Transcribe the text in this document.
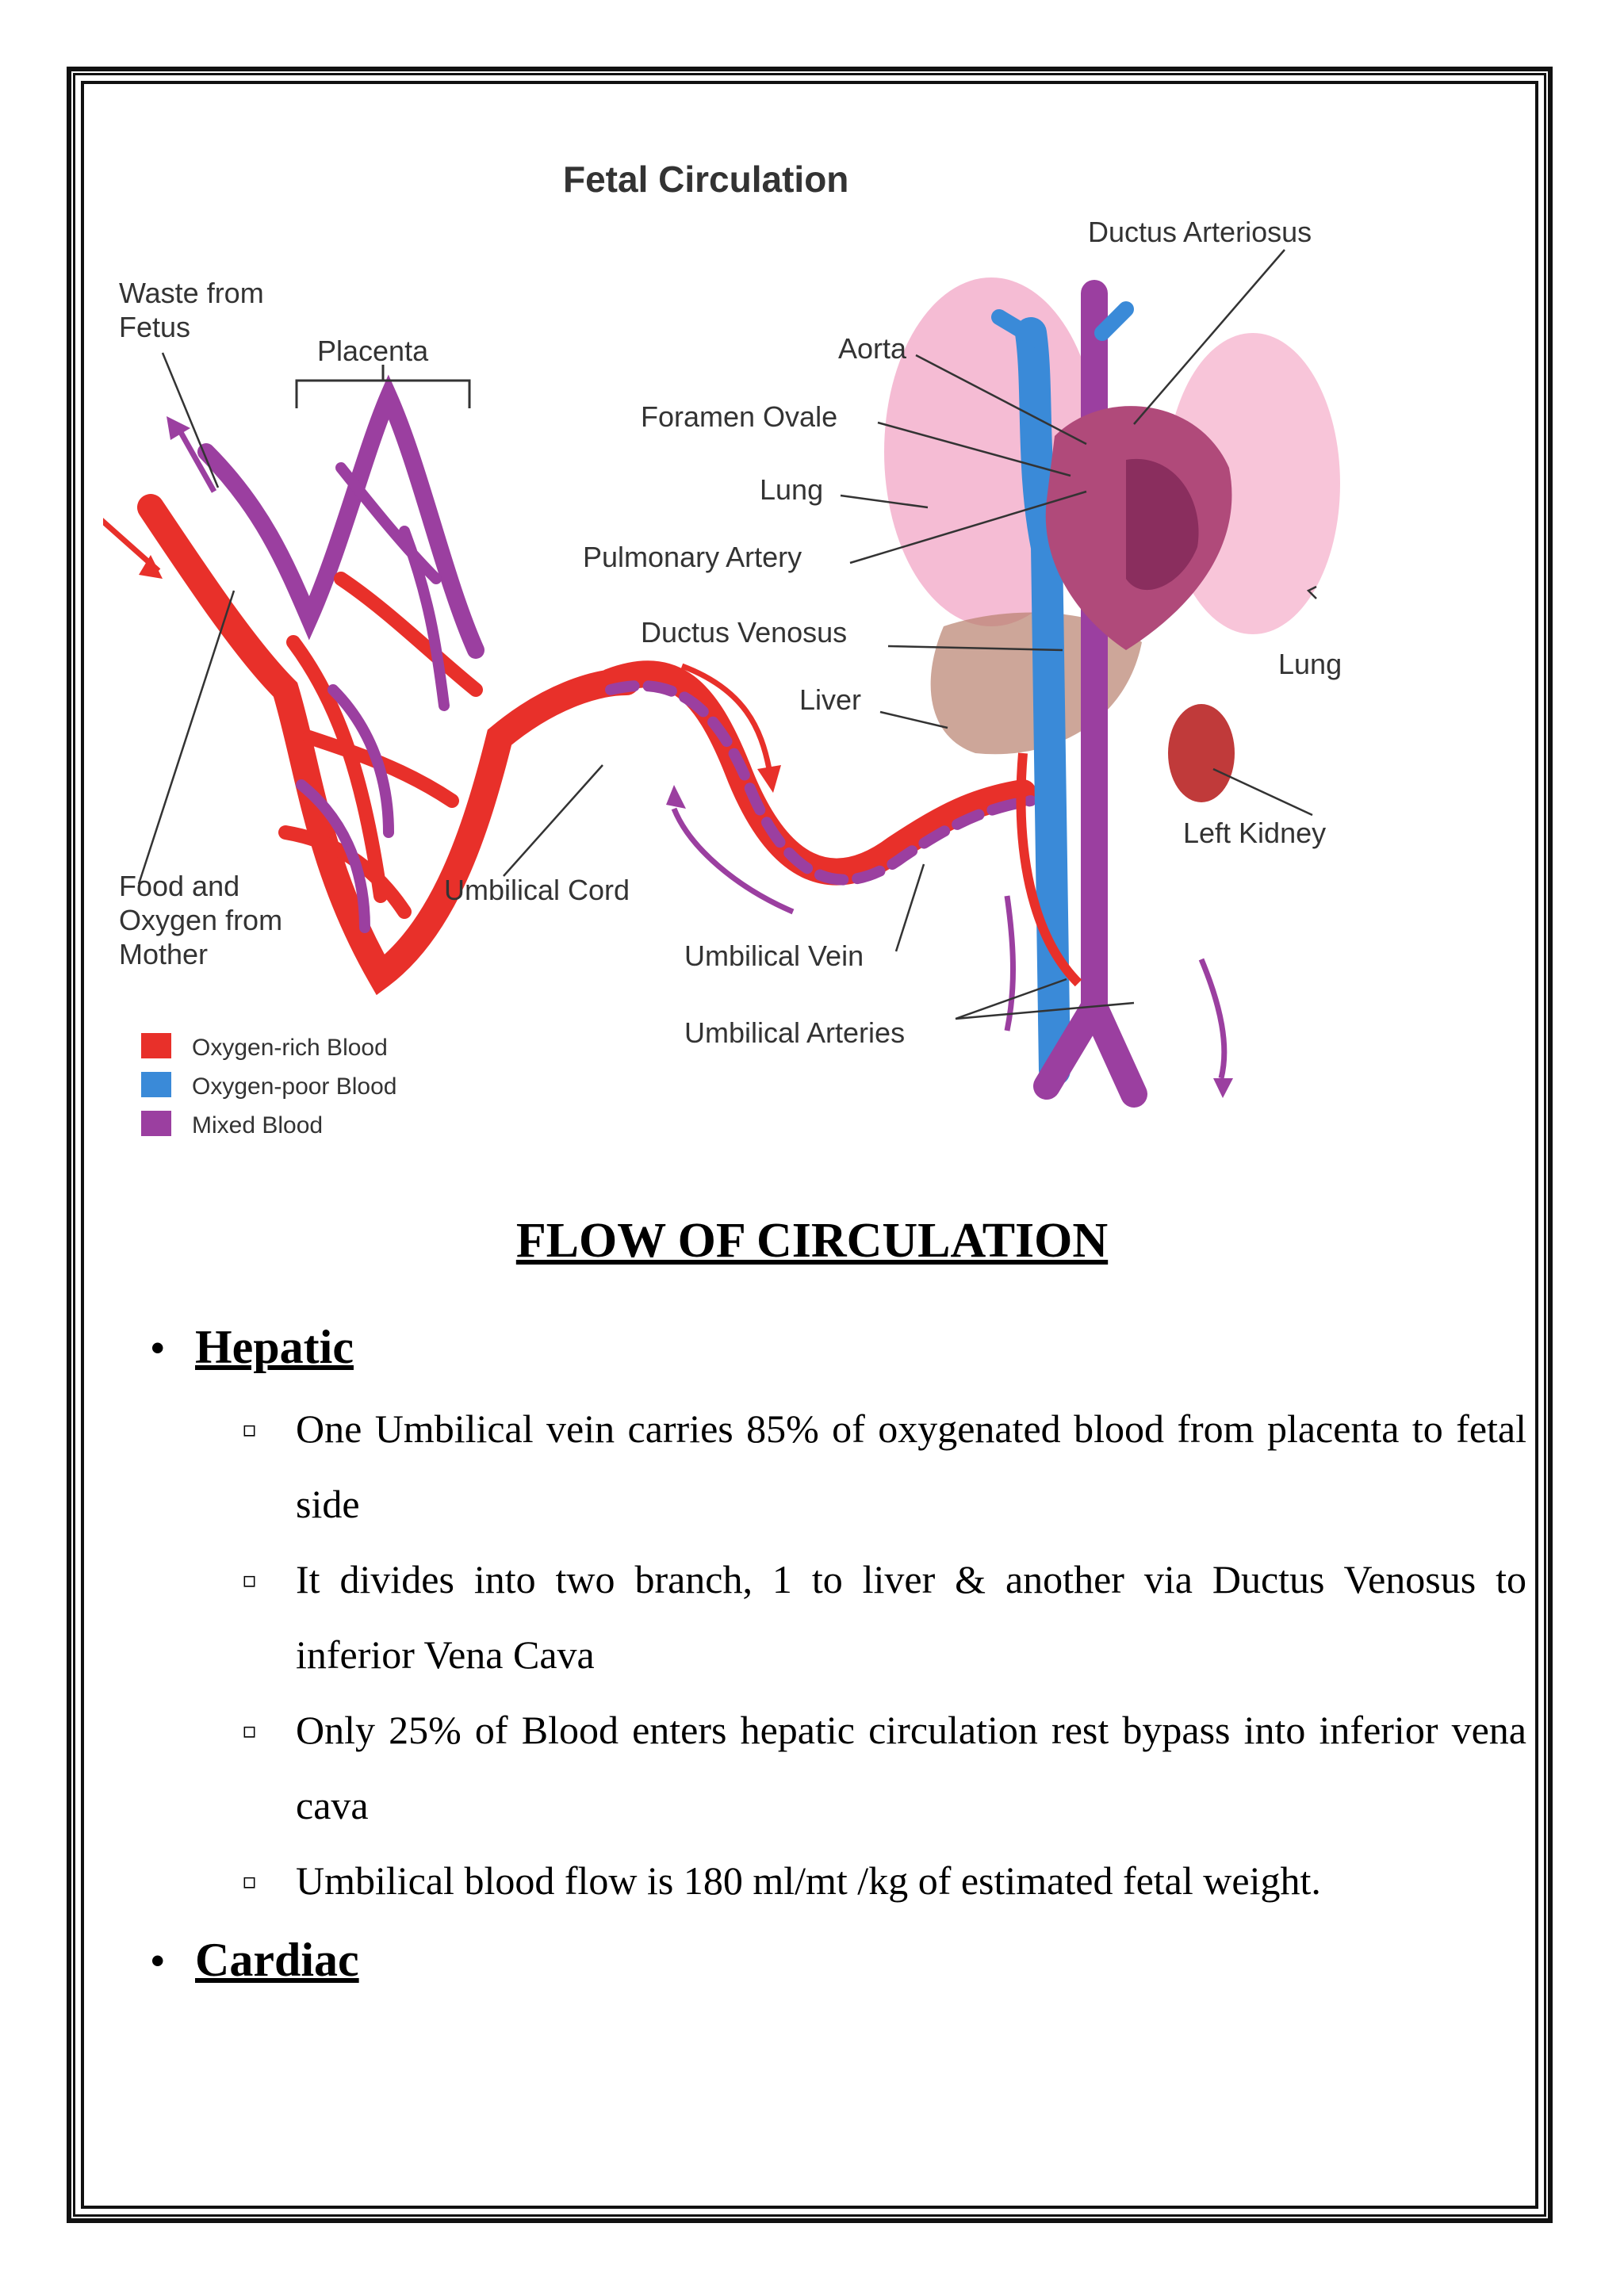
Fetal Circulation
Waste from
Fetus
Placenta
Food and
Oxygen from
Mother
Umbilical Cord
Ductus Arteriosus
Aorta
Foramen Ovale
Lung
Pulmonary Artery
Ductus Venosus
Liver
Lung
Left Kidney
Umbilical Vein
Umbilical Arteries
Oxygen-rich Blood
Oxygen-poor Blood
Mixed Blood
FLOW OF CIRCULATION
• Hepatic
▫ One Umbilical vein carries 85% of oxygenated blood from placenta to fetal side
▫ It divides into two branch, 1 to liver & another via Ductus Venosus to inferior Vena Cava
▫ Only 25% of Blood enters hepatic circulation rest bypass into inferior vena cava
▫ Umbilical blood flow is 180 ml/mt /kg of estimated fetal weight.
• Cardiac
